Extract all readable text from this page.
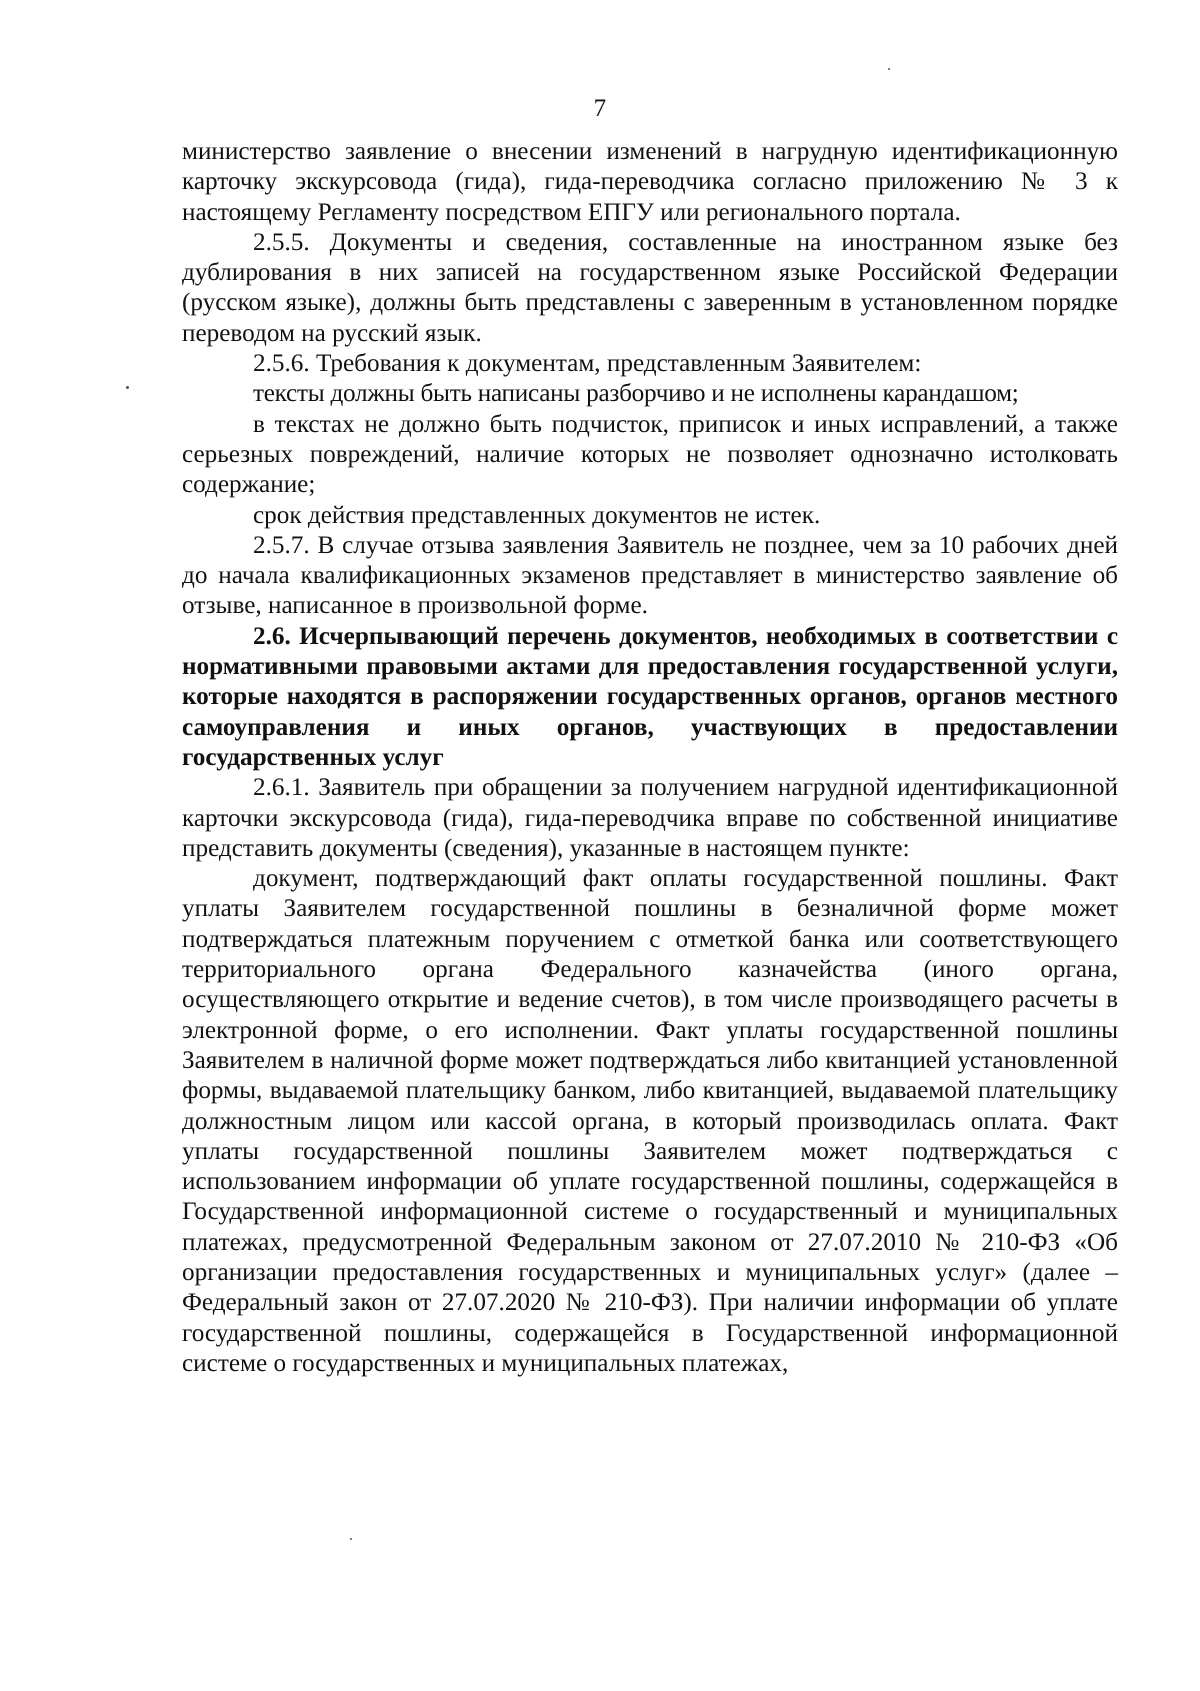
7

министерство заявление о внесении изменений в нагрудную идентификационную карточку экскурсовода (гида), гида-переводчика согласно приложению № 3 к настоящему Регламенту посредством ЕПГУ или регионального портала.

2.5.5. Документы и сведения, составленные на иностранном языке без дублирования в них записей на государственном языке Российской Федерации (русском языке), должны быть представлены с заверенным в установленном порядке переводом на русский язык.

2.5.6. Требования к документам, представленным Заявителем:

тексты должны быть написаны разборчиво и не исполнены карандашом;

в текстах не должно быть подчисток, приписок и иных исправлений, а также серьезных повреждений, наличие которых не позволяет однозначно истолковать содержание;

срок действия представленных документов не истек.

2.5.7. В случае отзыва заявления Заявитель не позднее, чем за 10 рабочих дней до начала квалификационных экзаменов представляет в министерство заявление об отзыве, написанное в произвольной форме.

2.6. Исчерпывающий перечень документов, необходимых в соответствии с нормативными правовыми актами для предоставления государственной услуги, которые находятся в распоряжении государственных органов, органов местного самоуправления и иных органов, участвующих в предоставлении государственных услуг

2.6.1. Заявитель при обращении за получением нагрудной идентификационной карточки экскурсовода (гида), гида-переводчика вправе по собственной инициативе представить документы (сведения), указанные в настоящем пункте:

документ, подтверждающий факт оплаты государственной пошлины. Факт уплаты Заявителем государственной пошлины в безналичной форме может подтверждаться платежным поручением с отметкой банка или соответствующего территориального органа Федерального казначейства (иного органа, осуществляющего открытие и ведение счетов), в том числе производящего расчеты в электронной форме, о его исполнении. Факт уплаты государственной пошлины Заявителем в наличной форме может подтверждаться либо квитанцией установленной формы, выдаваемой плательщику банком, либо квитанцией, выдаваемой плательщику должностным лицом или кассой органа, в который производилась оплата. Факт уплаты государственной пошлины Заявителем может подтверждаться с использованием информации об уплате государственной пошлины, содержащейся в Государственной информационной системе о государственный и муниципальных платежах, предусмотренной Федеральным законом от 27.07.2010 № 210-ФЗ «Об организации предоставления государственных и муниципальных услуг» (далее – Федеральный закон от 27.07.2020 № 210-ФЗ). При наличии информации об уплате государственной пошлины, содержащейся в Государственной информационной системе о государственных и муниципальных платежах,
